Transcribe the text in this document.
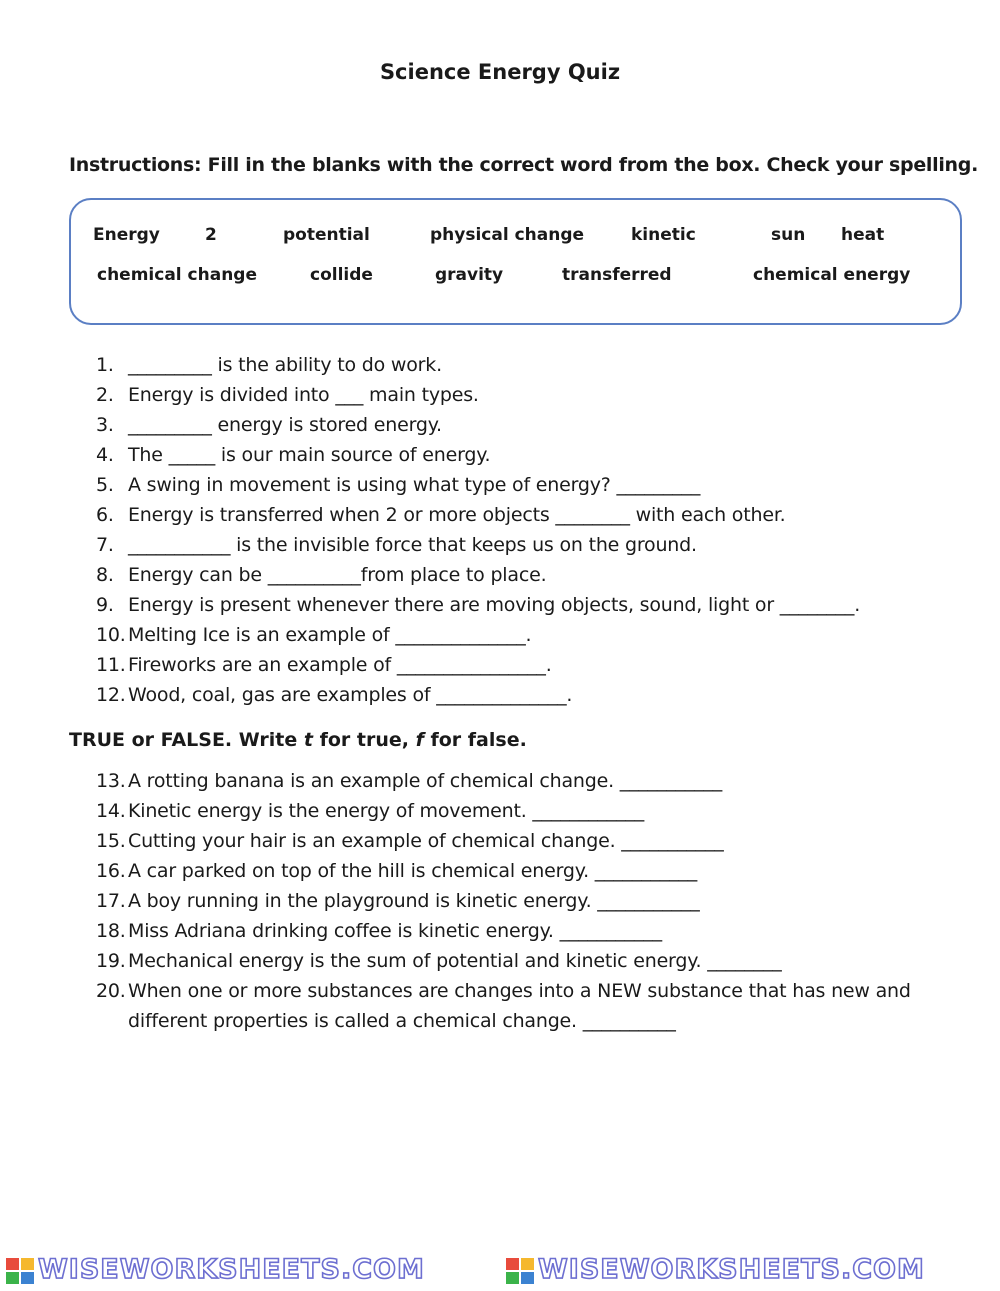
Science Energy Quiz
Instructions: Fill in the blanks with the correct word from the box. Check your spelling.
Energy	2	potential	physical change	kinetic	sun heat
chemical change	collide	gravity	transferred	chemical energy
1. _________ is the ability to do work.
2. Energy is divided into ___ main types.
3. _________ energy is stored energy.
4. The _____ is our main source of energy.
5. A swing in movement is using what type of energy? _________
6. Energy is transferred when 2 or more objects ________ with each other.
7. ___________ is the invisible force that keeps us on the ground.
8. Energy can be __________from place to place.
9. Energy is present whenever there are moving objects, sound, light or ________.
10. Melting Ice is an example of ______________.
11. Fireworks are an example of ________________.
12. Wood, coal, gas are examples of ______________.
TRUE or FALSE. Write t for true, f for false.
13. A rotting banana is an example of chemical change. ___________
14. Kinetic energy is the energy of movement. ____________
15. Cutting your hair is an example of chemical change. ___________
16.A car parked on top of the hill is chemical energy. ___________
17.A boy running in the playground is kinetic energy. ___________
18.Miss Adriana drinking coffee is kinetic energy. ___________
19.Mechanical energy is the sum of potential and kinetic energy. ________
20. When one or more substances are changes into a NEW substance that has new and
different properties is called a chemical change. __________
WISEWORKSHEETS.COM	WISEWORKSHEETS.COM
